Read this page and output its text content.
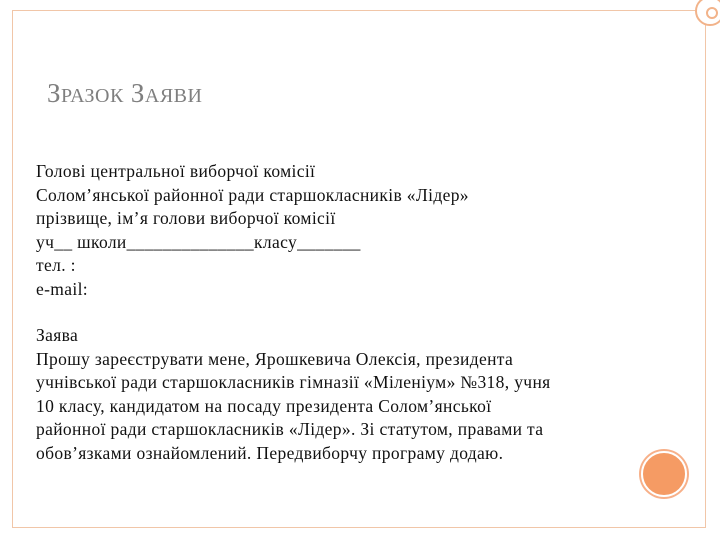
ЗРАЗОК ЗАЯВИ
Голові центральної виборчої комісії
Солом’янської районної ради старшокласників «Лідер»
прізвище, ім’я голови виборчої комісії
уч__ школи______________класу_______
тел. :
e-mail:
Заява
Прошу зареєструвати мене, Ярошкевича Олексія, президента
учнівської ради старшокласників гімназії «Міленіум» №318, учня
10 класу, кандидатом на посаду президента Солом’янської
районної ради старшокласників «Лідер». Зі статутом, правами та
обов’язками ознайомлений. Передвиборчу програму додаю.
